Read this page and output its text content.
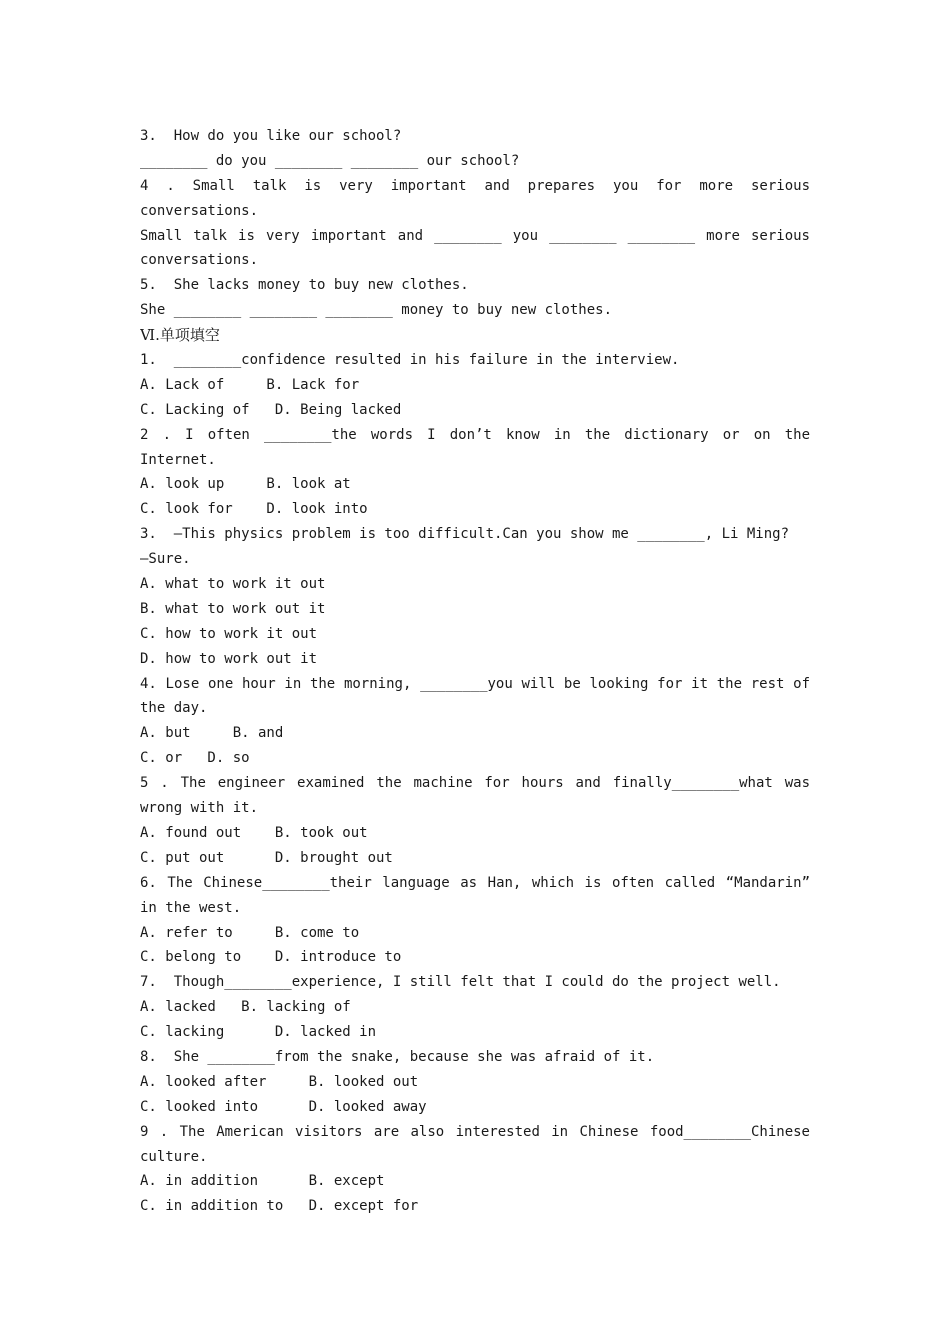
3.  How do you like our school?
________ do you ________ ________ our school?
4 . Small talk is very important and prepares you for more serious
conversations.
Small talk is very important and ________ you ________ ________ more serious
conversations.
5.  She lacks money to buy new clothes.
She ________ ________ ________ money to buy new clothes.
Ⅵ.单项填空
1.  ________confidence resulted in his failure in the interview.
A. Lack of     B. Lack for
C. Lacking of   D. Being lacked
2 . I often ________the words I don’t know in the dictionary or on the
Internet.
A. look up     B. look at
C. look for    D. look into
3.  —This physics problem is too difficult.Can you show me ________, Li Ming?
—Sure.
A. what to work it out
B. what to work out it
C. how to work it out
D. how to work out it
4. Lose one hour in the morning, ________you will be looking for it the rest of
the day.
A. but     B. and
C. or   D. so
5 . The engineer examined the machine for hours and finally________what was
wrong with it.
A. found out    B. took out
C. put out      D. brought out
6. The Chinese________their language as Han, which is often called “Mandarin”
in the west.
A. refer to     B. come to
C. belong to    D. introduce to
7.  Though________experience, I still felt that I could do the project well.
A. lacked   B. lacking of
C. lacking      D. lacked in
8.  She ________from the snake, because she was afraid of it.
A. looked after     B. looked out
C. looked into      D. looked away
9 . The American visitors are also interested in Chinese food________Chinese
culture.
A. in addition      B. except
C. in addition to   D. except for
